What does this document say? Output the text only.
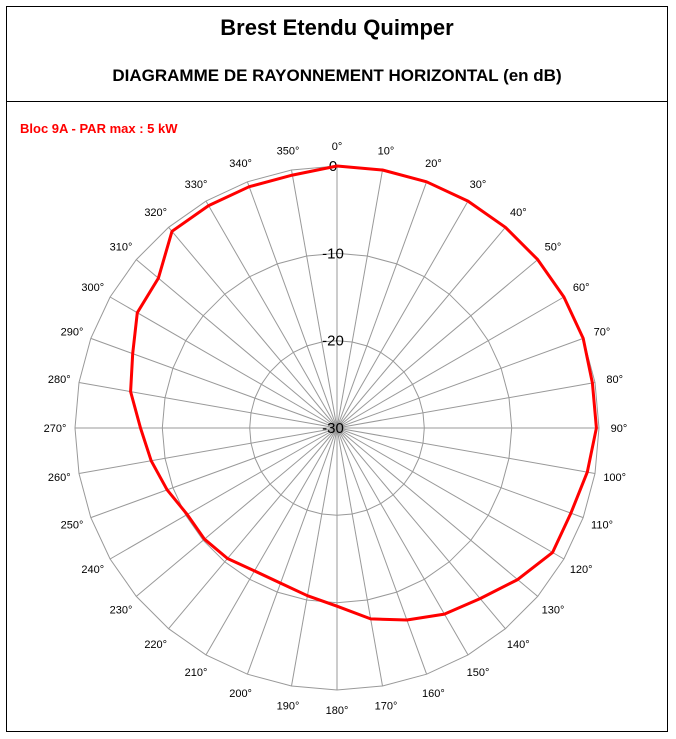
Brest Etendu Quimper
DIAGRAMME DE RAYONNEMENT HORIZONTAL (en dB)
Bloc 9A - PAR max : 5 kW
0
-10
-20
-30
0°	10°
20°
30°
40°
50°
60°
70°
80°
90°
100°
110°
120°
130°
140°
150°
160°
170°
180°
190°
200°
210°
220°
230°
240°
250°
260°
270°
280°
290°
300°
310°
320°
330°
340°
350°
